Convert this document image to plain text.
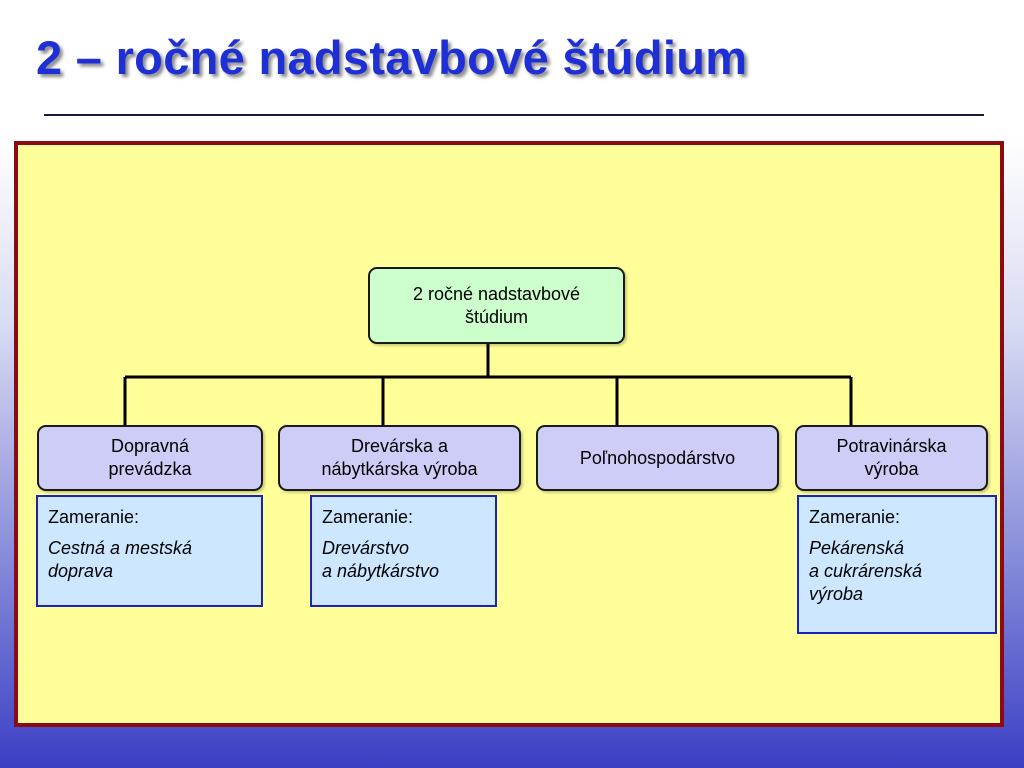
2 – ročné nadstavbové štúdium
2 ročné nadstavbové
štúdium
Dopravná
prevádzka
Drevárska a
nábytkárska výroba
Poľnohospodárstvo
Potravinárska
výroba
Zameranie:
Cestná a mestská
doprava
Zameranie:
Drevárstvo
a nábytkárstvo
Zameranie:
Pekárenská
a cukrárenská
výroba
